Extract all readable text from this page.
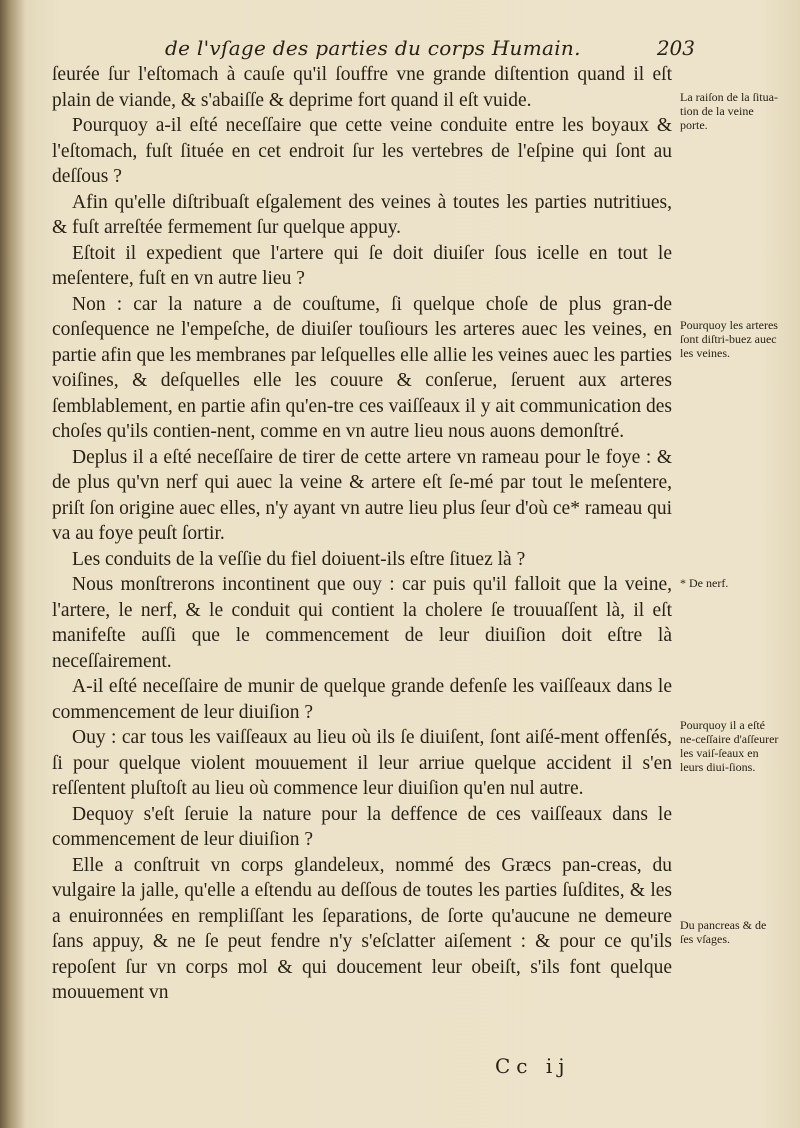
de l'vſage des parties du corps Humain.	203

ſeurée ſur l'eſtomach à cauſe qu'il ſouffre vne grande diſtention quand il eſt plain de viande, & s'abaiſſe & deprime fort quand il eſt vuide.

Pourquoy a-il eſté neceſſaire que cette veine conduite entre les boyaux & l'eſtomach, fuſt ſituée en cet endroit ſur les vertebres de l'eſpine qui ſont au deſſous ?

Afin qu'elle diſtribuaſt eſgalement des veines à toutes les parties nutritiues, & fuſt arreſtée fermement ſur quelque appuy.

Eſtoit il expedient que l'artere qui ſe doit diuiſer ſous icelle en tout le meſentere, fuſt en vn autre lieu ?

Non : car la nature a de couſtume, ſi quelque choſe de plus gran-de conſequence ne l'empeſche, de diuiſer touſiours les arteres auec les veines, en partie afin que les membranes par leſquelles elle allie les veines auec les parties voiſines, & deſquelles elle les couure & conſerue, ſeruent aux arteres ſemblablement, en partie afin qu'en-tre ces vaiſſeaux il y ait communication des choſes qu'ils contien-nent, comme en vn autre lieu nous auons demonſtré.

Deplus il a eſté neceſſaire de tirer de cette artere vn rameau pour le foye : & de plus qu'vn nerf qui auec la veine & artere eſt ſe-mé par tout le meſentere, priſt ſon origine auec elles, n'y ayant vn autre lieu plus ſeur d'où ce* rameau qui va au foye peuſt ſortir.

Les conduits de la veſſie du fiel doiuent-ils eſtre ſituez là ?

Nous monſtrerons incontinent que ouy : car puis qu'il falloit que la veine, l'artere, le nerf, & le conduit qui contient la cholere ſe trouuaſſent là, il eſt manifeſte auſſi que le commencement de leur diuiſion doit eſtre là neceſſairement.

A-il eſté neceſſaire de munir de quelque grande defenſe les vaiſſeaux dans le commencement de leur diuiſion ?

Ouy : car tous les vaiſſeaux au lieu où ils ſe diuiſent, ſont aiſé-ment offenſés, ſi pour quelque violent mouuement il leur arriue quelque accident il s'en reſſentent pluſtoſt au lieu où commence leur diuiſion qu'en nul autre.

Dequoy s'eſt ſeruie la nature pour la deffence de ces vaiſſeaux dans le commencement de leur diuiſion ?

Elle a conſtruit vn corps glandeleux, nommé des Græcs pan-creas, du vulgaire la jalle, qu'elle a eſtendu au deſſous de toutes les parties ſuſdites, & les a enuironnées en rempliſſant les ſeparations, de ſorte qu'aucune ne demeure ſans appuy, & ne ſe peut fendre n'y s'eſclatter aiſement : & pour ce qu'ils repoſent ſur vn corps mol & qui doucement leur obeiſt, s'ils font quelque mouuement vn

La raiſon de la ſitua-tion de la veine porte.
Pourquoy les arteres ſont diſtri-buez auec les veines.
* De nerf.
Pourquoy il a eſté ne-ceſſaire d'aſſeurer les vaiſ-ſeaux en leurs diui-ſions.
Du pancreas & de ſes vſages.
Cc ij
